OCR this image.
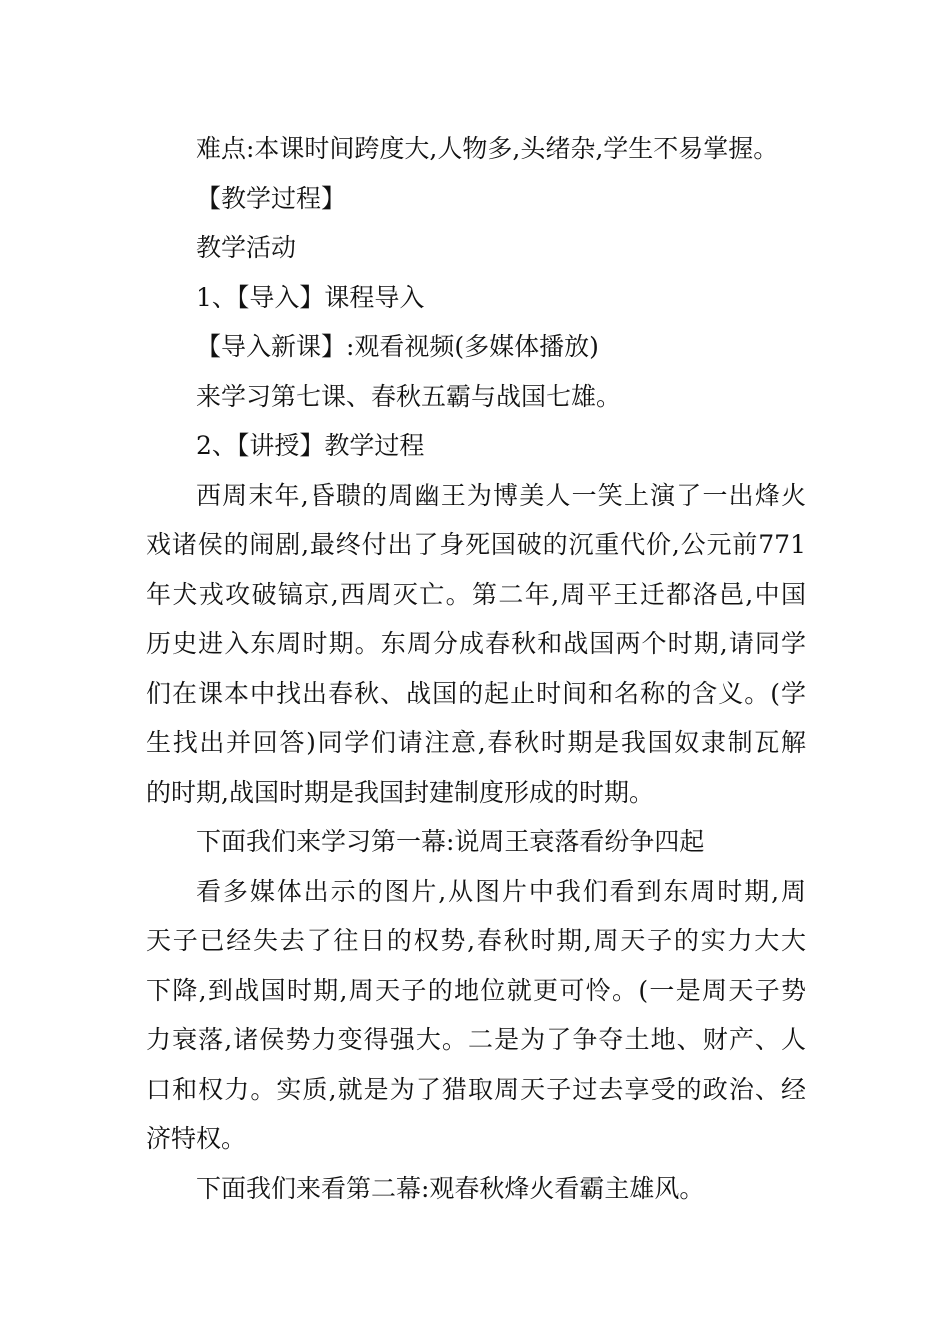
难点:本课时间跨度大,人物多,头绪杂,学生不易掌握。

【教学过程】

教学活动

1、【导入】课程导入

【导入新课】:观看视频(多媒体播放)

来学习第七课、春秋五霸与战国七雄。

2、【讲授】教学过程

西周末年,昏聩的周幽王为博美人一笑上演了一出烽火

戏诸侯的闹剧,最终付出了身死国破的沉重代价,公元前771

年犬戎攻破镐京,西周灭亡。第二年,周平王迁都洛邑,中国

历史进入东周时期。东周分成春秋和战国两个时期,请同学

们在课本中找出春秋、战国的起止时间和名称的含义。(学

生找出并回答)同学们请注意,春秋时期是我国奴隶制瓦解

的时期,战国时期是我国封建制度形成的时期。

下面我们来学习第一幕:说周王衰落看纷争四起

看多媒体出示的图片,从图片中我们看到东周时期,周

天子已经失去了往日的权势,春秋时期,周天子的实力大大

下降,到战国时期,周天子的地位就更可怜。(一是周天子势

力衰落,诸侯势力变得强大。二是为了争夺土地、财产、人

口和权力。实质,就是为了猎取周天子过去享受的政治、经

济特权。

下面我们来看第二幕:观春秋烽火看霸主雄风。
